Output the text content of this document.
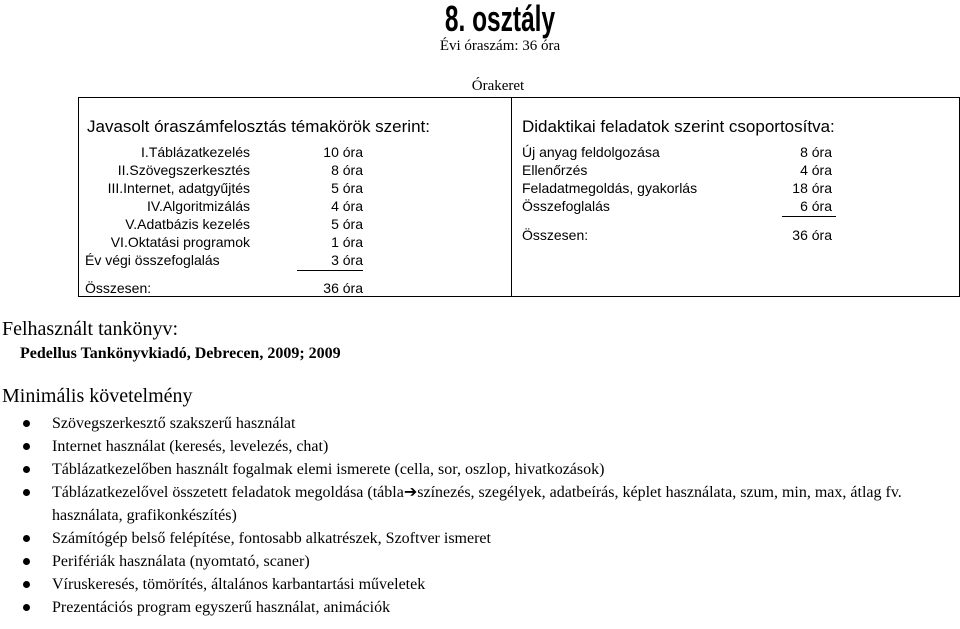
8. osztály
Évi óraszám: 36 óra
Órakeret
Javasolt óraszámfelosztás témakörök szerint:
I.Táblázatkezelés	10 óra
II.Szövegszerkesztés	8 óra
III.Internet, adatgyűjtés	5 óra
IV.Algoritmizálás	4 óra
V.Adatbázis kezelés	5 óra
VI.Oktatási programok	1 óra
Év végi összefoglalás	3 óra
Összesen:	36 óra
Didaktikai feladatok szerint csoportosítva:
Új anyag feldolgozása	8 óra
Ellenőrzés	4 óra
Feladatmegoldás, gyakorlás	18 óra
Összefoglalás	6 óra
Összesen:	36 óra
Felhasznált tankönyv:
Pedellus Tankönyvkiadó, Debrecen, 2009; 2009
Minimális követelmény
Szövegszerkesztő szakszerű használat
Internet használat (keresés, levelezés, chat)
Táblázatkezelőben használt fogalmak elemi ismerete (cella, sor, oszlop, hivatkozások)
Táblázatkezelővel összetett feladatok megoldása (tábla➔színezés, szegélyek, adatbeírás, képlet használata, szum, min, max, átlag fv. használata, grafikonkészítés)
Számítógép belső felépítése, fontosabb alkatrészek, Szoftver ismeret
Perifériák használata (nyomtató, scaner)
Víruskeresés, tömörítés, általános karbantartási műveletek
Prezentációs program egyszerű használat, animációk
